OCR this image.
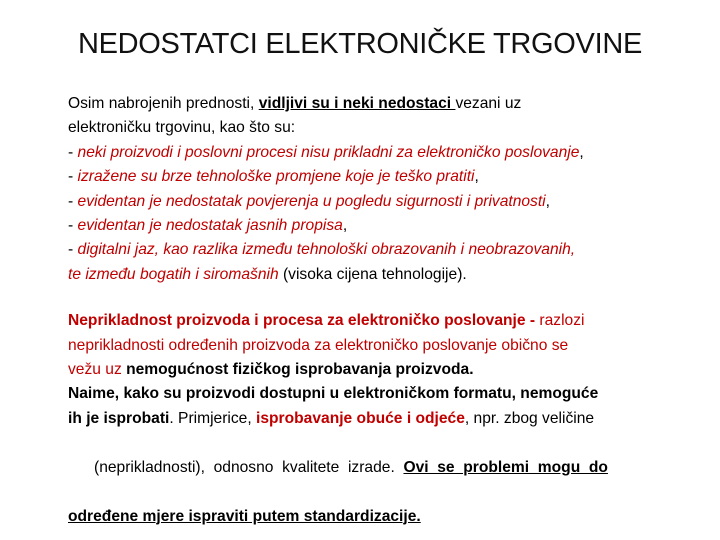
NEDOSTATCI ELEKTRONIČKE TRGOVINE
Osim nabrojenih prednosti, vidljivi su i neki nedostaci vezani uz
elektroničku trgovinu, kao što su:
- neki proizvodi i poslovni procesi nisu prikladni za elektroničko poslovanje,
- izražene su brze tehnološke promjene koje je teško pratiti,
- evidentan je nedostatak povjerenja u pogledu sigurnosti i privatnosti,
- evidentan je nedostatak jasnih propisa,
- digitalni jaz, kao razlika između tehnološki obrazovanih i neobrazovanih,
te između bogatih i siromašnih (visoka cijena tehnologije).
Neprikladnost proizvoda i procesa za elektroničko poslovanje - razlozi
neprikladnosti određenih proizvoda za elektroničko poslovanje obično se
vežu uz nemogućnost fizičkog isprobavanja proizvoda.
Naime, kako su proizvodi dostupni u elektroničkom formatu, nemoguće
ih je isprobati. Primjerice, isprobavanje obuće i odjeće, npr. zbog veličine

(neprikladnosti),  odnosno  kvalitete  izrade.  Ovi  se  problemi  mogu  do

određene mjere ispraviti putem standardizacije.
